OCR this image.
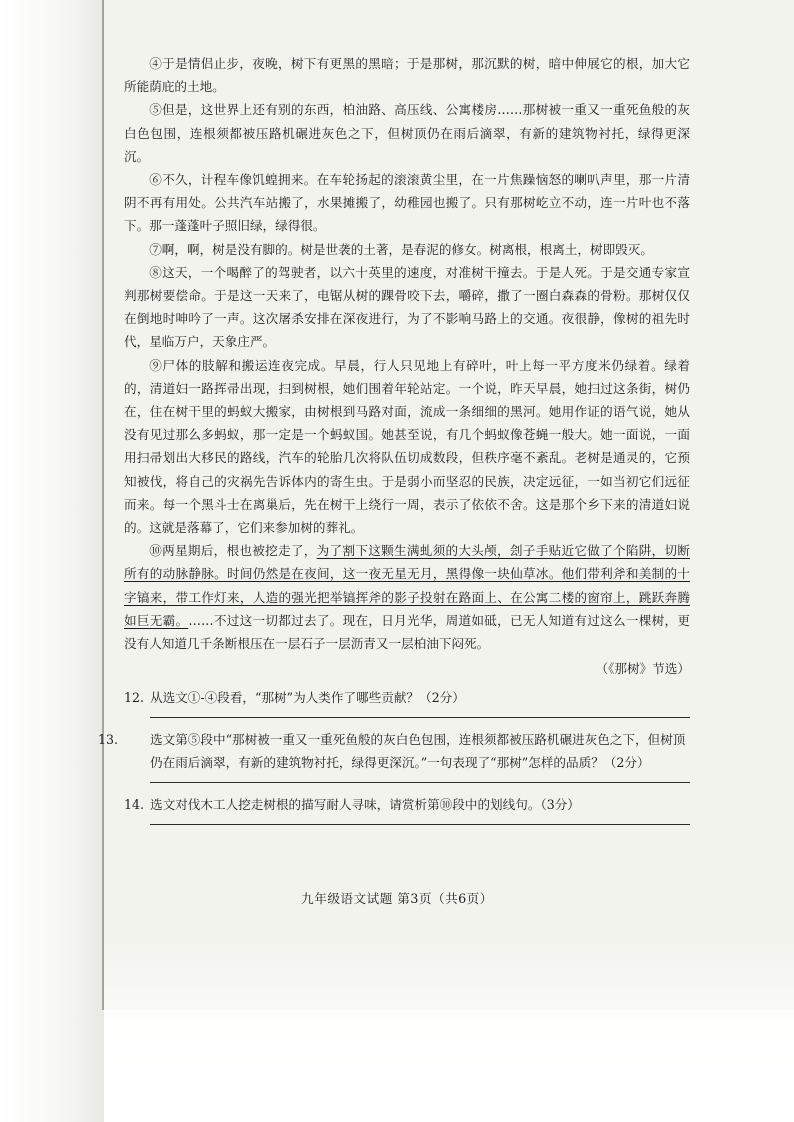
④于是情侣止步，夜晚，树下有更黑的黑暗；于是那树，那沉默的树，暗中伸展它的根，加大它所能荫庇的土地。

⑤但是，这世界上还有别的东西，柏油路、高压线、公寓楼房……那树被一重又一重死鱼般的灰白色包围，连根须都被压路机碾进灰色之下，但树顶仍在雨后滴翠，有新的建筑物衬托，绿得更深沉。

⑥不久，计程车像饥蝗拥来。在车轮扬起的滚滚黄尘里，在一片焦躁恼怒的喇叭声里，那一片清阴不再有用处。公共汽车站搬了，水果摊搬了，幼稚园也搬了。只有那树屹立不动，连一片叶也不落下。那一蓬蓬叶子照旧绿，绿得很。

⑦啊，啊，树是没有脚的。树是世袭的土著，是春泥的修女。树离根，根离土，树即毁灭。

⑧这天，一个喝醉了的驾驶者，以六十英里的速度，对准树干撞去。于是人死。于是交通专家宣判那树要偿命。于是这一天来了，电锯从树的踝骨咬下去，嚼碎，撒了一圈白森森的骨粉。那树仅仅在倒地时呻吟了一声。这次屠杀安排在深夜进行，为了不影响马路上的交通。夜很静，像树的祖先时代，星临万户，天象庄严。

⑨尸体的肢解和搬运连夜完成。早晨，行人只见地上有碎叶，叶上每一平方度米仍绿着。绿着的，清道妇一路挥帚出现，扫到树根，她们围着年轮站定。一个说，昨天早晨，她扫过这条街，树仍在，住在树干里的蚂蚁大搬家，由树根到马路对面，流成一条细细的黑河。她用作证的语气说，她从没有见过那么多蚂蚁，那一定是一个蚂蚁国。她甚至说，有几个蚂蚁像苍蝇一般大。她一面说，一面用扫帚划出大移民的路线，汽车的轮胎几次将队伍切成数段，但秩序毫不紊乱。老树是通灵的，它预知被伐，将自己的灾祸先告诉体内的寄生虫。于是弱小而坚忍的民族，决定远征，一如当初它们远征而来。每一个黑斗士在离巢后，先在树干上绕行一周，表示了依依不舍。这是那个乡下来的清道妇说的。这就是落幕了，它们来参加树的葬礼。

⑩两星期后，根也被挖走了，为了割下这颗生满虬须的大头颅，刽子手贴近它做了个陷阱，切断所有的动脉静脉。时间仍然是在夜间，这一夜无星无月，黑得像一块仙草冰。他们带利斧和美制的十字镐来，带工作灯来，人造的强光把举镐挥斧的影子投射在路面上、在公寓二楼的窗帘上，跳跃奔腾如巨无霸。……不过这一切都过去了。现在，日月光华，周道如砥，已无人知道有过这么一棵树，更没有人知道几千条断根压在一层石子一层沥青又一层柏油下闷死。

（《那树》节选）

12. 从选文①-④段看，“那树”为人类作了哪些贡献？（2分）

13.	选文第⑤段中“那树被一重又一重死鱼般的灰白色包围，连根须都被压路机碾进灰色之下，但树顶仍在雨后滴翠，有新的建筑物衬托，绿得更深沉。”一句表现了“那树”怎样的品质？（2分）

14. 选文对伐木工人挖走树根的描写耐人寻味，请赏析第⑩段中的划线句。（3分）

九年级语文试题 第3页（共6页）
